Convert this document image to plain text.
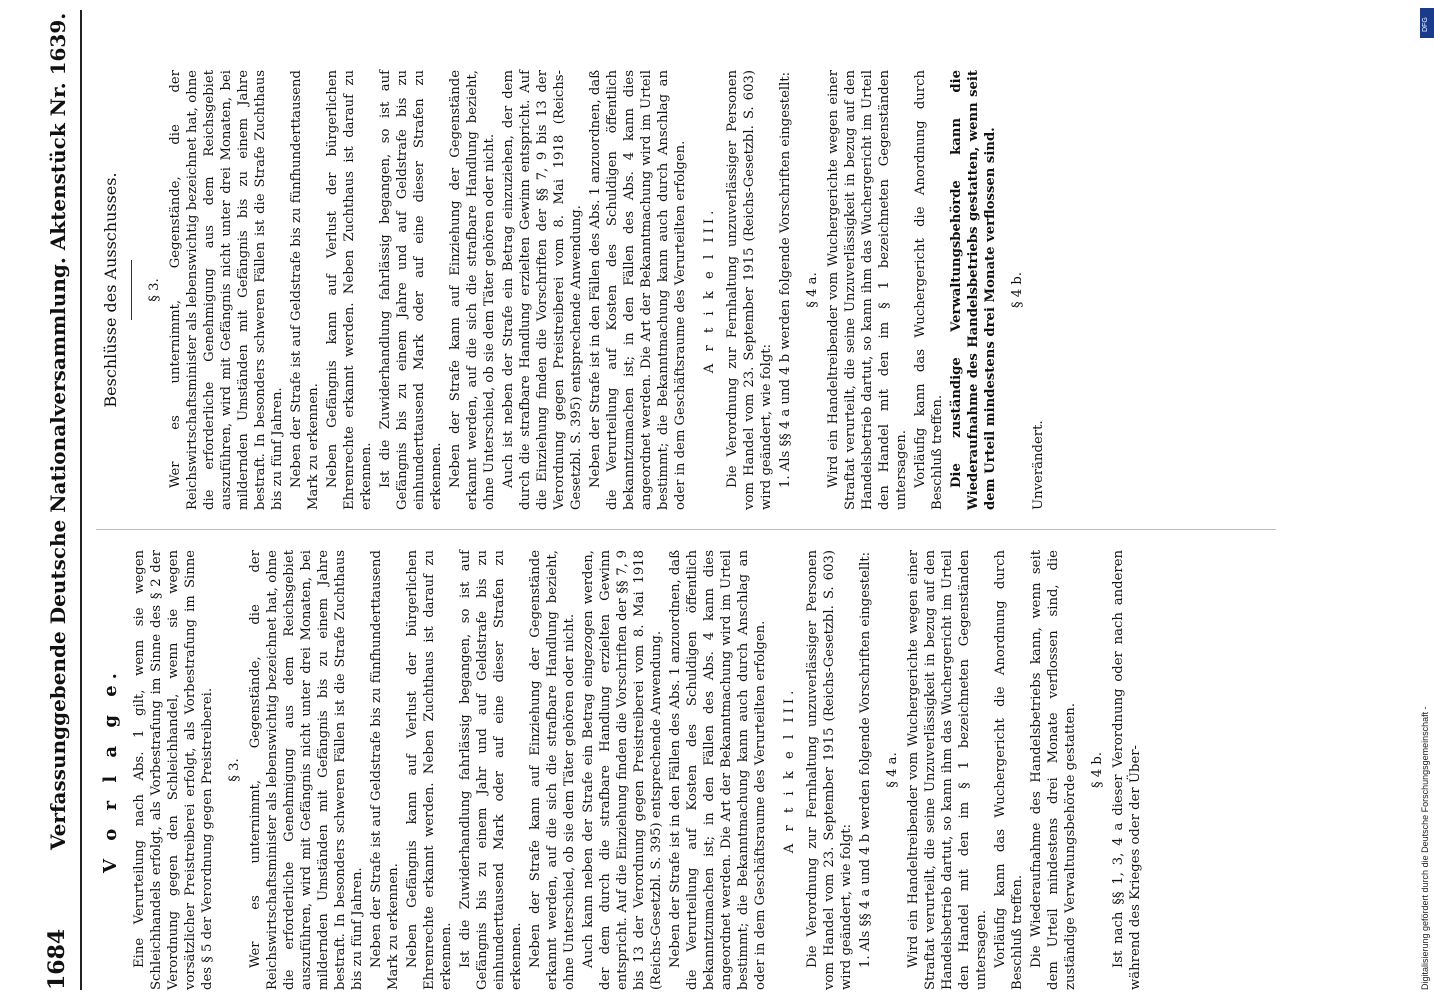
1684
Verfassunggebende Deutsche Nationalversammlung. Aktenstück Nr. 1639. V o r l a g e. Eine Verurteilung nach Abs. 1 gilt, wenn sie wegen Schleichhandels erfolgt, als Vorbestrafung im Sinne des § 2 der Verordnung gegen den Schleichhandel, wenn sie wegen vorsätzlicher Preistreiberei erfolgt, als Vorbestrafung im Sinne des § 5 der Verordnung gegen Preistreiberei. § 3. Wer es unternimmt, Gegenstände, die der Reichswirtschaftsminister als lebenswichtig bezeichnet hat, ohne die erforderliche Genehmigung aus dem Reichsgebiet auszuführen, wird mit Gefängnis nicht unter drei Monaten, bei mildernden Umständen mit Gefängnis bis zu einem Jahre bestraft. In besonders schweren Fällen ist die Strafe Zuchthaus bis zu fünf Jahren. Neben der Strafe ist auf Geldstrafe bis zu fünfhunderttausend Mark zu erkennen. Neben Gefängnis kann auf Verlust der bürgerlichen Ehrenrechte erkannt werden. Neben Zuchthaus ist darauf zu erkennen. Ist die Zuwiderhandlung fahrlässig begangen, so ist auf Gefängnis bis zu einem Jahr und auf Geldstrafe bis zu einhunderttausend Mark oder auf eine dieser Strafen zu erkennen. Neben der Strafe kann auf Einziehung der Gegenstände erkannt werden, auf die sich die strafbare Handlung bezieht, ohne Unterschied, ob sie dem Täter gehören oder nicht. Auch kann neben der Strafe ein Betrag eingezogen werden, der dem durch die strafbare Handlung erzielten Gewinn entspricht. Auf die Einziehung finden die Vorschriften der §§ 7, 9 bis 13 der Verordnung gegen Preistreiberei vom 8. Mai 1918 (Reichs-Gesetzbl. S. 395) entsprechende Anwendung. Neben der Strafe ist in den Fällen des Abs. 1 anzuordnen, daß die Verurteilung auf Kosten des Schuldigen öffentlich bekanntzumachen ist; in den Fällen des Abs. 4 kann dies angeordnet werden. Die Art der Bekanntmachung wird im Urteil bestimmt; die Bekanntmachung kann auch durch Anschlag an oder in dem Geschäftsraume des Verurteilten erfolgen. A r t i k e l III. Die Verordnung zur Fernhaltung unzuverlässiger Personen vom Handel vom 23. September 1915 (Reichs-Gesetzbl. S. 603) wird geändert, wie folgt: 1. Als §§ 4 a und 4 b werden folgende Vorschriften eingestellt: § 4 a. Wird ein Handeltreibender vom Wuchergerichte wegen einer Straftat verurteilt, die seine Unzuverlässigkeit in bezug auf den Handelsbetrieb dartut, so kann ihm das Wuchergericht im Urteil den Handel mit den im § 1 bezeichneten Gegenständen untersagen. Vorläufig kann das Wuchergericht die Anordnung durch Beschluß treffen. Die Wiederaufnahme des Handelsbetriebs kann, wenn seit dem Urteil mindestens drei Monate verflossen sind, die zuständige Verwaltungsbehörde gestatten. § 4 b. Ist nach §§ 1, 3, 4 a dieser Verordnung oder nach anderen während des Krieges oder der Über-

Beschlüsse des Ausschusses. § 3. Wer es unternimmt, Gegenstände, die der Reichswirtschaftsminister als lebenswichtig bezeichnet hat, ohne die erforderliche Genehmigung aus dem Reichsgebiet auszuführen, wird mit Gefängnis nicht unter drei Monaten, bei mildernden Umständen mit Gefängnis bis zu einem Jahre bestraft. In besonders schweren Fällen ist die Strafe Zuchthaus bis zu fünf Jahren. Neben der Strafe ist auf Geldstrafe bis zu fünfhunderttausend Mark zu erkennen. Neben Gefängnis kann auf Verlust der bürgerlichen Ehrenrechte erkannt werden. Neben Zuchthaus ist darauf zu erkennen. Ist die Zuwiderhandlung fahrlässig begangen, so ist auf Gefängnis bis zu einem Jahre und auf Geldstrafe bis zu einhunderttausend Mark oder auf eine dieser Strafen zu erkennen. Neben der Strafe kann auf Einziehung der Gegenstände erkannt werden, auf die sich die strafbare Handlung bezieht, ohne Unterschied, ob sie dem Täter gehören oder nicht. Auch ist neben der Strafe ein Betrag einzuziehen, der dem durch die strafbare Handlung erzielten Gewinn entspricht. Auf die Einziehung finden die Vorschriften der §§ 7, 9 bis 13 der Verordnung gegen Preistreiberei vom 8. Mai 1918 (Reichs-Gesetzbl. S. 395) entsprechende Anwendung. Neben der Strafe ist in den Fällen des Abs. 1 anzuordnen, daß die Verurteilung auf Kosten des Schuldigen öffentlich bekanntzumachen ist; in den Fällen des Abs. 4 kann dies angeordnet werden. Die Art der Bekanntmachung wird im Urteil bestimmt; die Bekanntmachung kann auch durch Anschlag an oder in dem Geschäftsraume des Verurteilten erfolgen. A r t i k e l III. Die Verordnung zur Fernhaltung unzuverlässiger Personen vom Handel vom 23. September 1915 (Reichs-Gesetzbl. S. 603) wird geändert, wie folgt: 1. Als §§ 4 a und 4 b werden folgende Vorschriften eingestellt: § 4 a. Wird ein Handeltreibender vom Wuchergerichte wegen einer Straftat verurteilt, die seine Unzuverlässigkeit in bezug auf den Handelsbetrieb dartut, so kann ihm das Wuchergericht im Urteil den Handel mit den im § 1 bezeichneten Gegenständen untersagen. Vorläufig kann das Wuchergericht die Anordnung durch Beschluß treffen. Die zuständige Verwaltungsbehörde kann die Wiederaufnahme des Handelsbetriebs gestatten, wenn seit dem Urteil mindestens drei Monate verflossen sind. § 4 b.

Unverändert.

DFG
Digitalisierung gefördert durch die Deutsche Forschungsgemeinschaft -
